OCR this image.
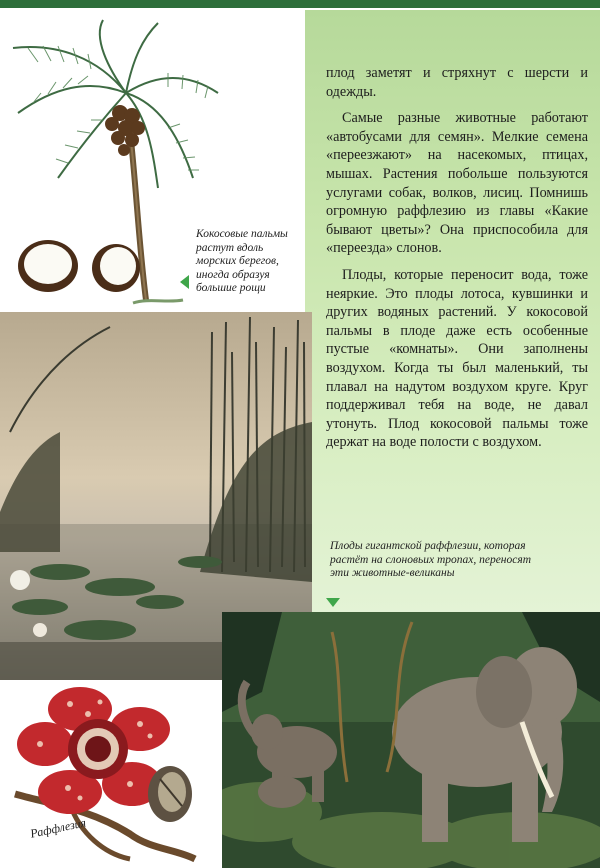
Кокосовые пальмы растут вдоль морских берегов, иногда образуя большие рощи

плод заметят и стряхнут с шерсти и одежды.

Самые разные животные работают «автобусами для семян». Мелкие семена «переезжают» на насекомых, птицах, мышах. Растения побольше пользуются услугами собак, волков, лисиц. Помнишь огромную раффлезию из главы «Какие бывают цветы»? Она приспособила для «переезда» слонов.

Плоды, которые переносит вода, тоже неяркие. Это плоды лотоса, кувшинки и других водяных растений. У кокосовой пальмы в плоде даже есть особенные пустые «комнаты». Они заполнены воздухом. Когда ты был маленький, ты плавал на надутом воздухом круге. Круг поддерживал тебя на воде, не давал утонуть. Плод кокосовой пальмы тоже держат на воде полости с воздухом.

Плоды гигантской раффлезии, которая растёт на слоновьих тропах, переносят эти животные-великаны
Раффлезия
